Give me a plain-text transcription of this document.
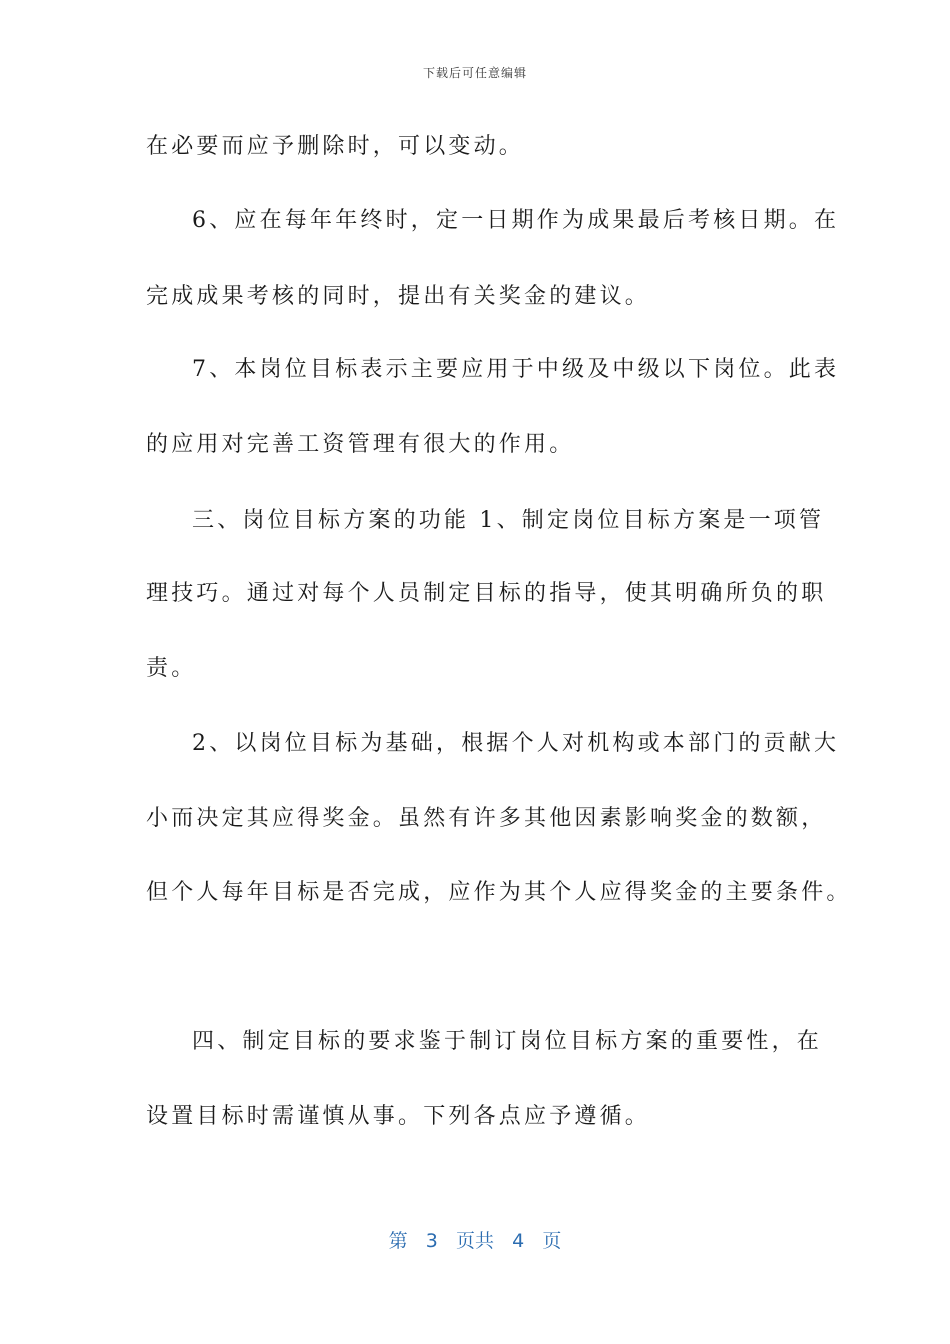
下载后可任意编辑
在必要而应予删除时，可以变动。
6、应在每年年终时，定一日期作为成果最后考核日期。在
完成成果考核的同时，提出有关奖金的建议。
7、本岗位目标表示主要应用于中级及中级以下岗位。此表
的应用对完善工资管理有很大的作用。
三、岗位目标方案的功能 1、制定岗位目标方案是一项管
理技巧。通过对每个人员制定目标的指导，使其明确所负的职
责。
2、以岗位目标为基础，根据个人对机构或本部门的贡献大
小而决定其应得奖金。虽然有许多其他因素影响奖金的数额，
但个人每年目标是否完成，应作为其个人应得奖金的主要条件。
四、制定目标的要求鉴于制订岗位目标方案的重要性，在
设置目标时需谨慎从事。下列各点应予遵循。
第 3 页共 4 页
